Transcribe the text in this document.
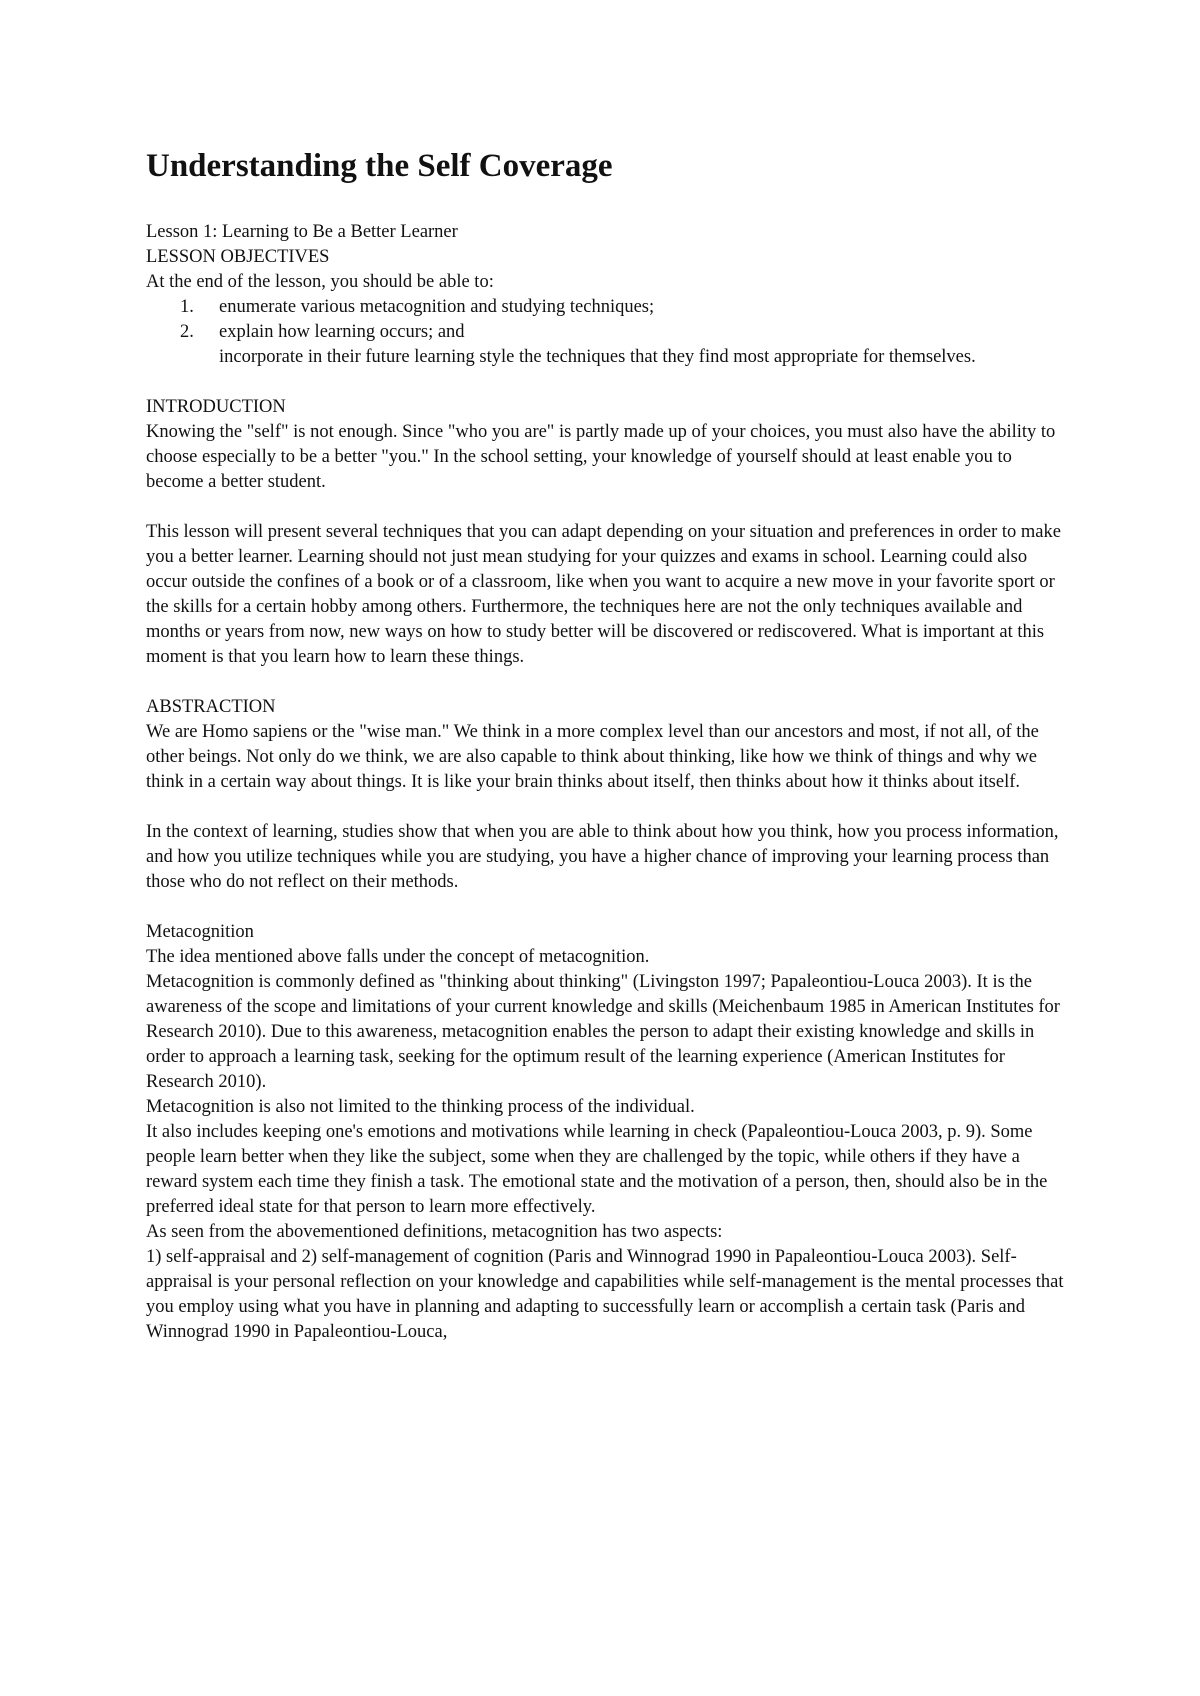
Understanding the Self Coverage

Lesson 1: Learning to Be a Better Learner

LESSON OBJECTIVES

At the end of the lesson, you should be able to:

1.	enumerate various metacognition and studying techniques;
2.	explain how learning occurs; and

incorporate in their future learning style the techniques that they find most appropriate for themselves.

INTRODUCTION

Knowing the "self" is not enough. Since "who you are" is partly made up of your choices, you must also have the ability to choose especially to be a better "you." In the school setting, your knowledge of yourself should at least enable you to become a better student.

This lesson will present several techniques that you can adapt depending on your situation and preferences in order to make you a better learner. Learning should not just mean studying for your quizzes and exams in school. Learning could also occur outside the confines of a book or of a classroom, like when you want to acquire a new move in your favorite sport or the skills for a certain hobby among others. Furthermore, the techniques here are not the only techniques available and months or years from now, new ways on how to study better will be discovered or rediscovered. What is important at this moment is that you learn how to learn these things.

ABSTRACTION

We are Homo sapiens or the "wise man." We think in a more complex level than our ancestors and most, if not all, of the other beings. Not only do we think, we are also capable to think about thinking, like how we think of things and why we think in a certain way about things. It is like your brain thinks about itself, then thinks about how it thinks about itself.

In the context of learning, studies show that when you are able to think about how you think, how you process information, and how you utilize techniques while you are studying, you have a higher chance of improving your learning process than those who do not reflect on their methods.

Metacognition

The idea mentioned above falls under the concept of metacognition.

Metacognition is commonly defined as "thinking about thinking" (Livingston 1997; Papaleontiou-Louca 2003). It is the awareness of the scope and limitations of your current knowledge and skills (Meichenbaum 1985 in American Institutes for Research 2010). Due to this awareness, metacognition enables the person to adapt their existing knowledge and skills in order to approach a learning task, seeking for the optimum result of the learning experience (American Institutes for Research 2010).

Metacognition is also not limited to the thinking process of the individual.

It also includes keeping one's emotions and motivations while learning in check (Papaleontiou-Louca 2003, p. 9). Some people learn better when they like the subject, some when they are challenged by the topic, while others if they have a reward system each time they finish a task. The emotional state and the motivation of a person, then, should also be in the preferred ideal state for that person to learn more effectively.

As seen from the abovementioned definitions, metacognition has two aspects:

1) self-appraisal and 2) self-management of cognition (Paris and Winnograd 1990 in Papaleontiou-Louca 2003). Self-appraisal is your personal reflection on your knowledge and capabilities while self-management is the mental processes that you employ using what you have in planning and adapting to successfully learn or accomplish a certain task (Paris and Winnograd 1990 in Papaleontiou-Louca,
